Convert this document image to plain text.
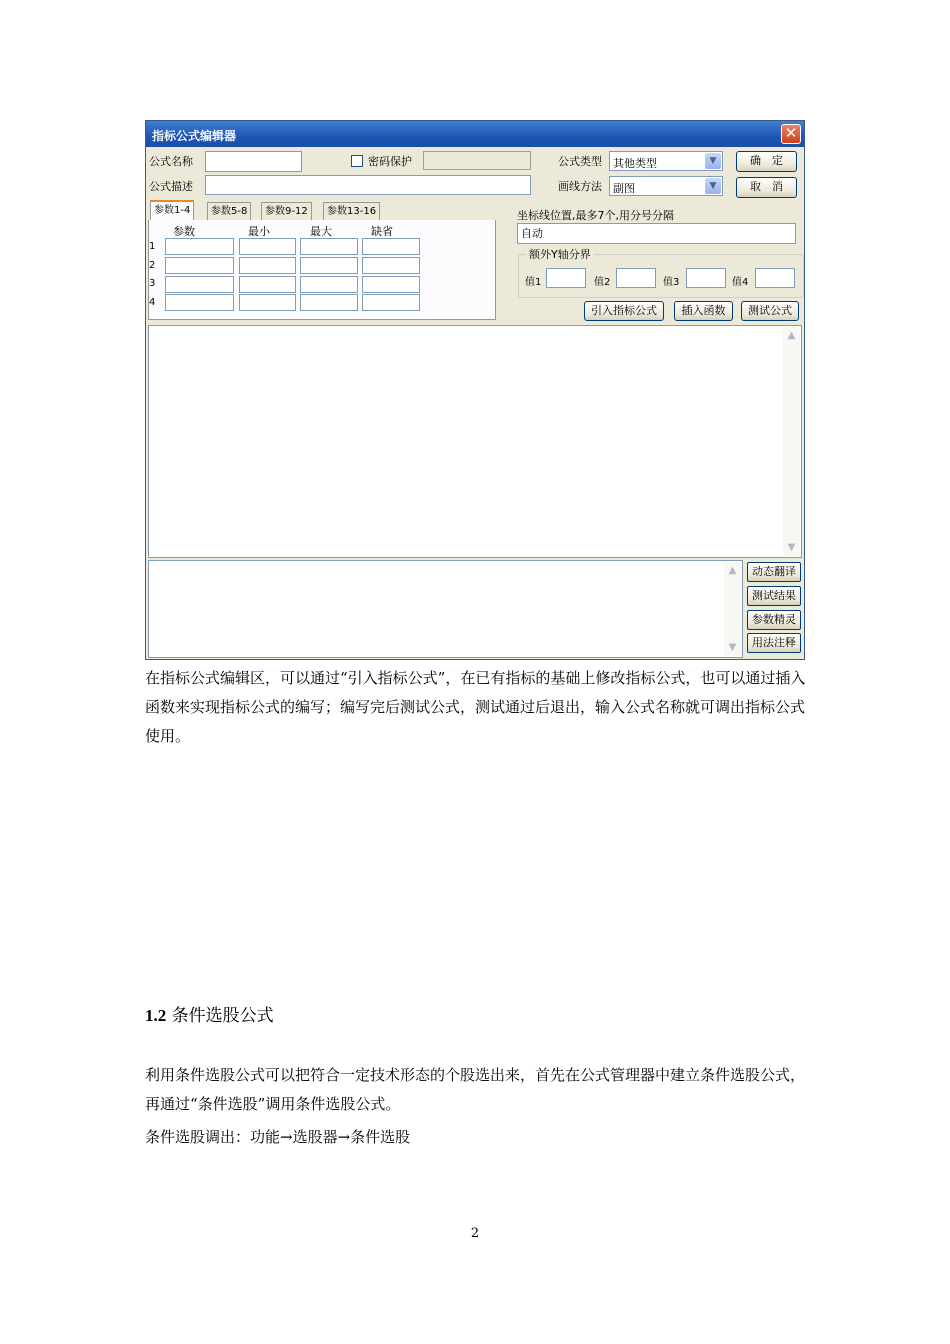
指标公式编辑器	✕
公式名称	密码保护	公式类型 其他类型	▼	确　定
公式描述	画线方法 副图	▼	取　消
参数1-4	参数5-8	参数9-12	参数13-16
参数	最小	最大	缺省
1
2
3
4
坐标线位置,最多7个,用分号分隔
自动
额外Y轴分界
值1	值2	值3	值4
引入指标公式	插入函数	测试公式
▲
▼
▲
▼
动态翻译
测试结果
参数精灵
用法注释
在指标公式编辑区，可以通过“引入指标公式”，在已有指标的基础上修改指标公式，也可以通过插入函数来实现指标公式的编写；编写完后测试公式，测试通过后退出，输入公式名称就可调出指标公式使用。
1.2 条件选股公式
利用条件选股公式可以把符合一定技术形态的个股选出来，首先在公式管理器中建立条件选股公式，再通过“条件选股”调用条件选股公式。
条件选股调出：功能→选股器→条件选股
2
